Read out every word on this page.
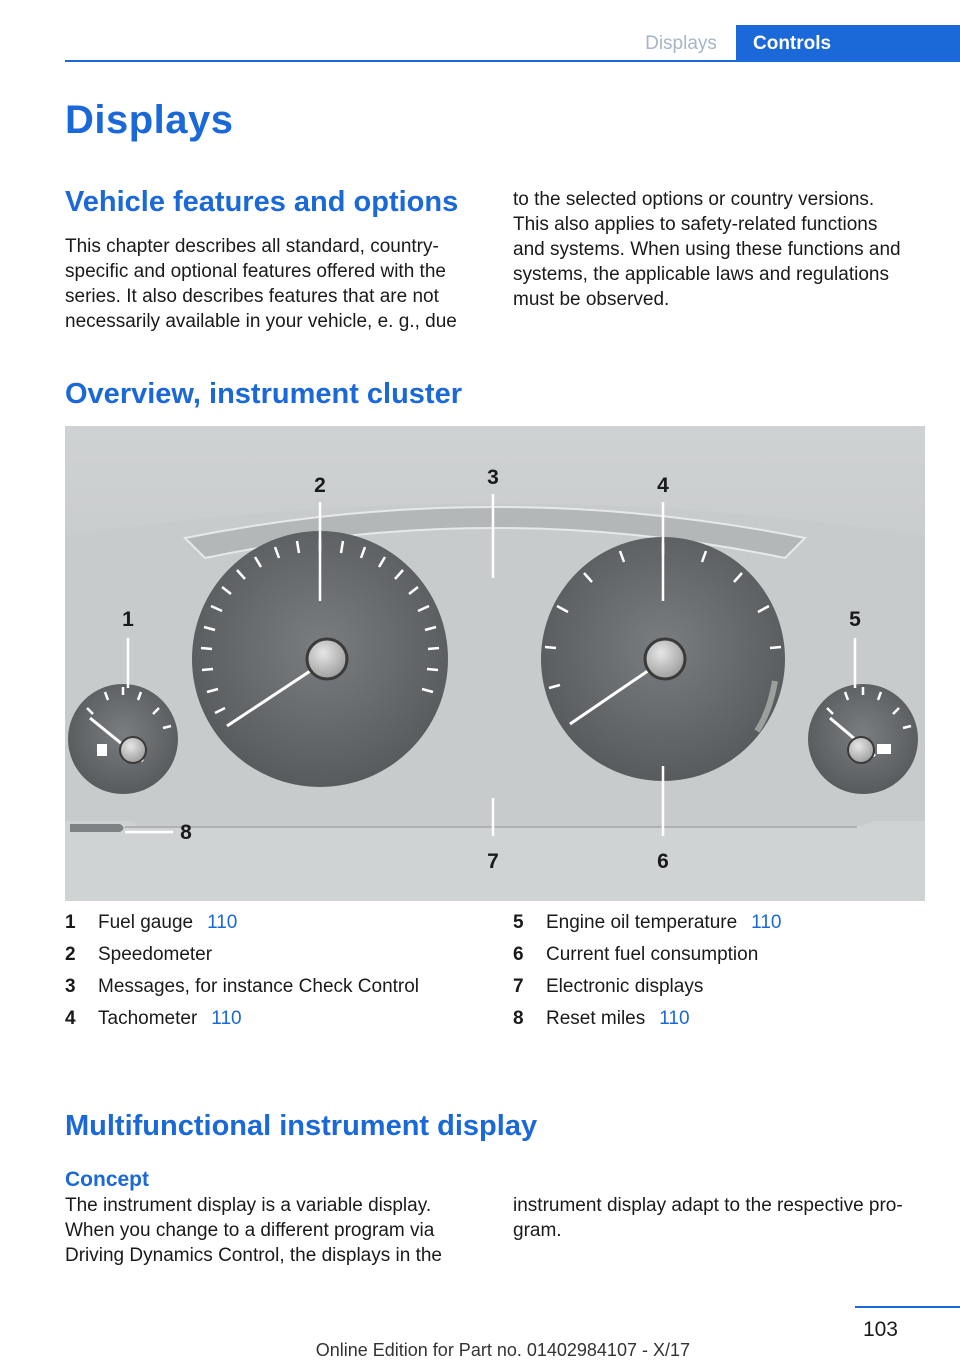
Displays	Controls
Displays
Vehicle features and options
This chapter describes all standard, country-
specific and optional features offered with the
series. It also describes features that are not
necessarily available in your vehicle, e. g., due
to the selected options or country versions.
This also applies to safety-related functions
and systems. When using these functions and
systems, the applicable laws and regulations
must be observed.
Overview, instrument cluster
1
2	3	4
5
6
7
8
1	Fuel gauge 110
2	Speedometer
3	Messages, for instance Check Control
4	Tachometer 110
5	Engine oil temperature 110
6	Current fuel consumption
7	Electronic displays
8	Reset miles 110
Multifunctional instrument display
Concept
The instrument display is a variable display.
When you change to a different program via
Driving Dynamics Control, the displays in the
instrument display adapt to the respective pro-
gram.
103
Online Edition for Part no. 01402984107 - X/17
